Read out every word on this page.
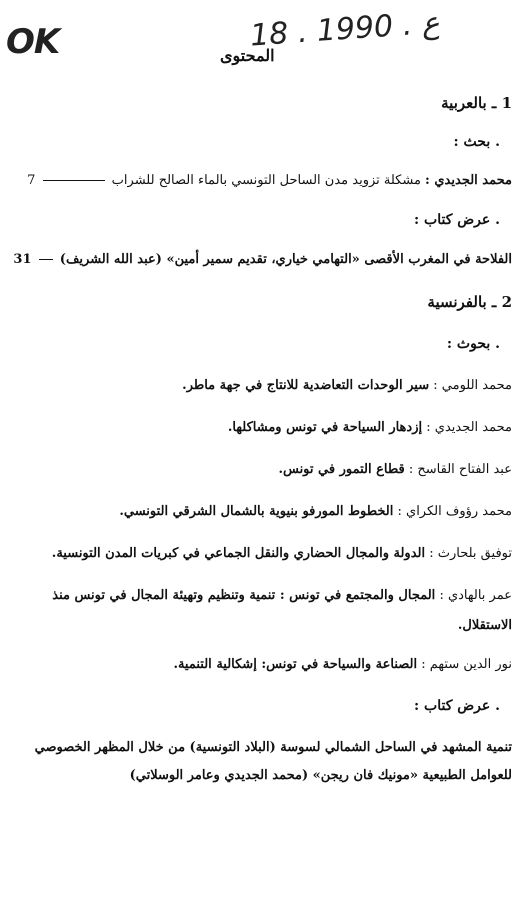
OK	18 . ع . 1990
المحتوى
1 ـ بالعربية
. بحث :
محمد الجديدي : مشكلة تزويد مدن الساحل التونسي بالماء الصالح للشراب  7
. عرض كتاب :
الفلاحة في المغرب الأقصى «التهامي خياري، تقديم سمير أمين» (عبد الله الشريف)  31
2 ـ بالفرنسية
. بحوث :
محمد اللومي : سير الوحدات التعاضدية للانتاج في جهة ماطر.
محمد الجديدي : إزدهار السياحة في تونس ومشاكلها.
عبد الفتاح القاسح : قطاع التمور في تونس.
محمد رؤوف الكراي : الخطوط المورفو بنيوية بالشمال الشرقي التونسي.
توفيق بلحارث : الدولة والمجال الحضاري والنقل الجماعي في كبريات المدن التونسية.
عمر بالهادي : المجال والمجتمع في تونس : تنمية وتنظيم وتهيئة المجال في تونس منذ
الاستقلال.
نور الدين ستهم : الصناعة والسياحة في تونس: إشكالية التنمية.
. عرض كتاب :
تنمية المشهد في الساحل الشمالي لسوسة (البلاد التونسية) من خلال المظهر الخصوصي
للعوامل الطبيعية «مونيك فان ريجن» (محمد الجديدي وعامر الوسلاتي)
